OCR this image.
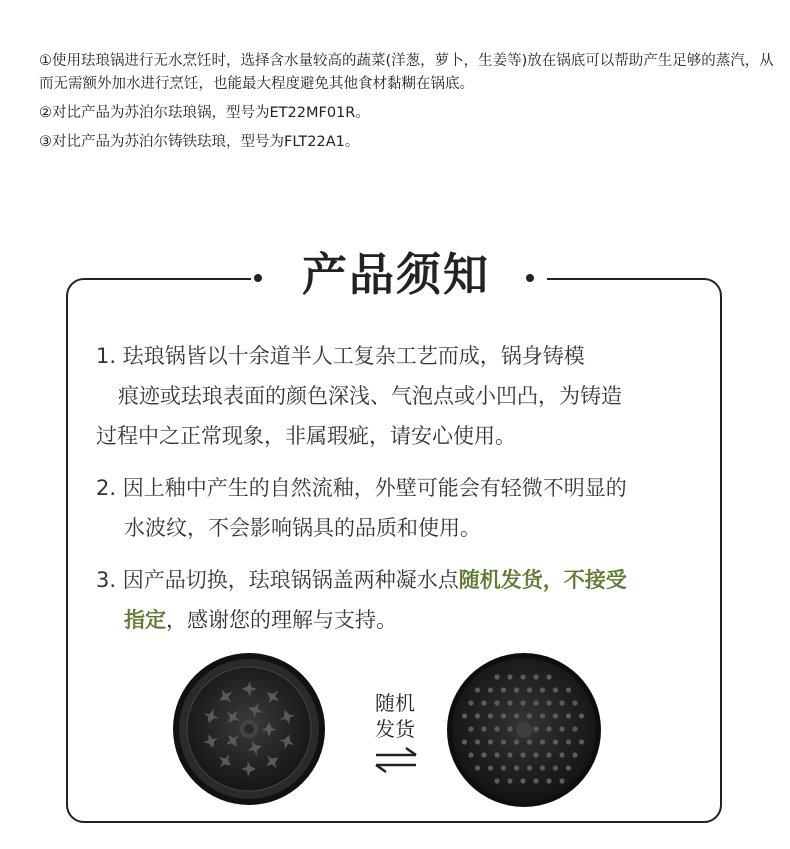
①使用珐琅锅进行无水烹饪时，选择含水量较高的蔬菜(洋葱，萝卜，生姜等)放在锅底可以帮助产生足够的蒸汽，从而无需额外加水进行烹饪，也能最大程度避免其他食材黏糊在锅底。

②对比产品为苏泊尔珐琅锅，型号为ET22MF01R。

③对比产品为苏泊尔铸铁珐琅，型号为FLT22A1。

产品须知

1. 珐琅锅皆以十余道半人工复杂工艺而成，锅身铸模
痕迹或珐琅表面的颜色深浅、气泡点或小凹凸，为铸造
过程中之正常现象，非属瑕疵，请安心使用。

2. 因上釉中产生的自然流釉，外壁可能会有轻微不明显的
水波纹，不会影响锅具的品质和使用。

3. 因产品切换，珐琅锅锅盖两种凝水点随机发货，不接受
指定，感谢您的理解与支持。

随机
发货
